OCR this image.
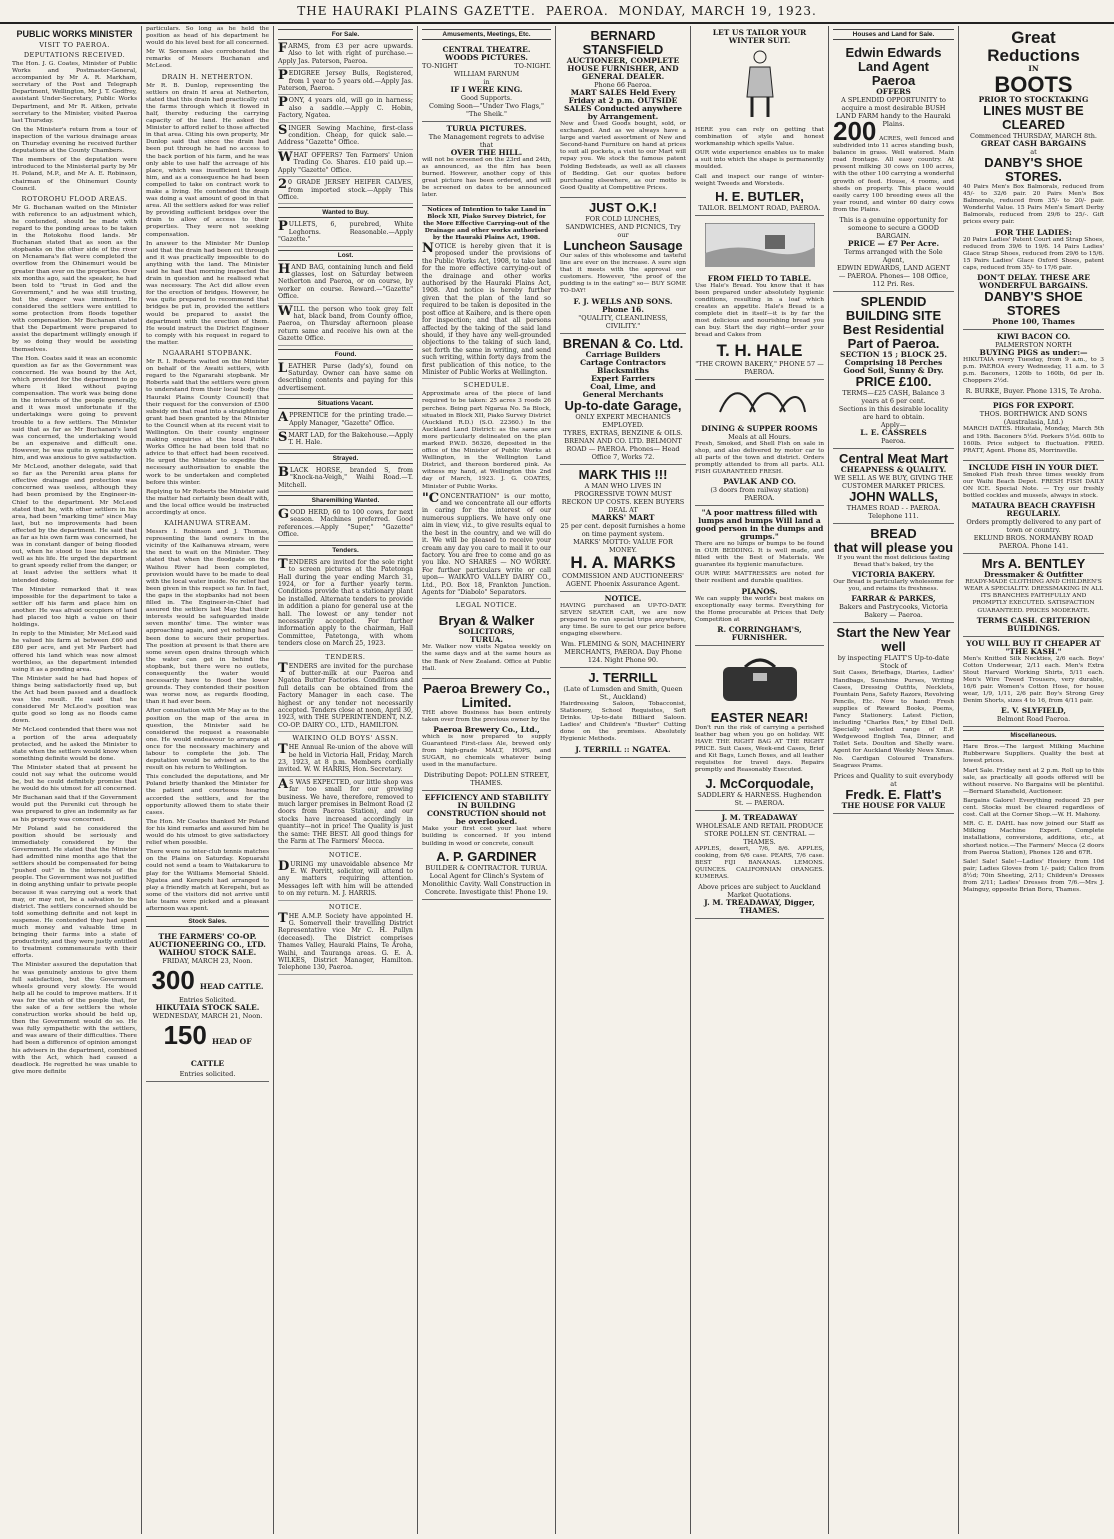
THE HAURAKI PLAINS GAZETTE. PAEROA. MONDAY, MARCH 19, 1923.
PUBLIC WORKS MINISTER
VISIT TO PAEROA.
DEPUTATIONS RECEIVED.

The Hon. J. G. Coates, Minister of Public Works and Postmaster-General, accompanied by Mr A. R. Markham, secretary of the Post and Telegraph Department, Wellington, Mr J. T. Godfrey, assistant Under-Secretary, Public Works Department, and Mr R. Aitken, private secretary to the Minister, visited Paeroa last Thursday.

On the Minister's return from a tour of inspection of the various drainage areas on Thursday evening he received further deputations at the County Chambers.

The members of the deputation were introduced to the Ministerial party by Mr H. Poland, M.P., and Mr A. E. Robinson, chairman of the Ohinemuri County Council.

ROTOROHU FLOOD AREAS.

Mr G. Buchanan waited on the Minister with reference to an adjustment which, he contended, should be made with regard to the ponding areas to be taken in the Rotokohu flood lands. Mr Buchanan stated that as soon as the stopbanks on the other side of the river on Mcnamara's flat were completed the overflow from the Ohinemuri would be greater than ever on the properties. Over six months ago, said the speaker, he had been told to "trust in God and the Government," and he was still trusting, but the danger was imminent. He considered the settlers were entitled to some protection from floods together with compensation. Mr Buchanan stated that the Department were prepared to assist the department willingly enough if by so doing they would be assisting themselves.

The Hon. Coates said it was an economic question as far as the Government was concerned. He was bound by the Act, which provided for the department to go where it liked without paying compensation. The work was being done in the interests of the people generally, and it was most unfortunate if the undertakings were going to prevent trouble to a few settlers. The Minister said that as far as Mr Buchanan's land was concerned, the undertaking would be an expensive and difficult one. However, he was quite in sympathy with him, and was anxious to give satisfaction.

Mr McLeod, another delegate, said that so far as the Pereniki area plans for effective drainage and protection was concerned was useless, although they had been promised by the Engineer-in-Chief to the department. Mr McLeod stated that he, with other settlers in his area, had been "marking time" since May last, but no improvements had been effected by the department. He said that as far as his own farm was concerned, he was in constant danger of being flooded out, when he stood to lose his stock as well as his life. He urged the department to grant speedy relief from the danger, or at least advise the settlers what it intended doing.

The Minister remarked that it was impossible for the department to take a settler off his farm and place him on another. He was afraid occupiers of land had placed too high a value on their holdings.

In reply to the Minister, Mr McLeod said he valued his farm at between £60 and £80 per acre, and yet Mr Parbert had offered his land which was now almost worthless, as the department intended using it as a ponding area.

The Minister said he had had hopes of things being satisfactorily fixed up, but the Act had been passed and a deadlock was the result. He said that he considered Mr McLeod's position was quite good so long as no floods came down.

Mr McLeod contended that there was not a portion of the area adequately protected, and he asked the Minister to state when the settlers would know when something definite would be done.

The Minister stated that at present he could not say what the outcome would be, but he could definitely promise that he would do his utmost for all concerned.

Mr Buchanan said that if the Government would put the Pereniki cut through he was prepared to give an indemnity as far as his property was concerned.

Mr Poland said he considered the position should be seriously and immediately considered by the Government. He stated that the Minister had admitted nine months ago that the settlers should be compensated for being "pushed out" in the interests of the people. The Government was not justified in doing anything unfair to private people because it was carrying out a work that may, or may not, be a salvation to the district. The settlers concerned should be told something definite and not kept in suspense. He contended they had spent much money and valuable time in bringing their farms into a state of productivity, and they were justly entitled to treatment commensurate with their efforts.

The Minister assured the deputation that he was genuinely anxious to give them full satisfaction, but the Government wheels ground very slowly. He would help all he could to improve matters. If it was for the wish of the people that, for the sake of a few settlers the whole construction works should be held up, then the Government would do so. He was fully sympathetic with the settlers, and was aware of their difficulties. There had been a difference of opinion amongst his advisers in the department, combined with the Act, which had caused a deadlock. He regretted he was unable to give more definite

particulars. So long as he held the position as head of his department he would do his level best for all concerned.

Mr W. Sorensen also corroborated the remarks of Messrs Buchanan and McLeod.

DRAIN H. NETHERTON.

Mr R. B. Dunlop, representing the settlers on drain H area at Netherton, stated that this drain had practically cut the farms through which it flowed in half, thereby reducing the carrying capacity of the land. He asked the Minister to afford relief to those affected in that area. Citing his own property, Mr Dunlop said that since the drain had been put through he had no access to the back portion of his farm, and he was only able to use half the acreage of his place, which was insufficient to keep him, and as a consequence he had been compelled to take on contract work to make a living. He contended the drain was doing a vast amount of good in that area. All the settlers asked for was relief by providing sufficient bridges over the drain to allow of access to their properties. They were not seeking compensation.

In answer to the Minister Mr Dunlop said that the drain had been cut through and it was practically impossible to do anything with the land. The Minister said he had that morning inspected the drain in question and he realised what was necessary. The Act did allow even for the erection of bridges. However, he was quite prepared to recommend that bridges be put in, provided the settlers would be prepared to assist the department with the erection of them. He would instruct the District Engineer to comply with his request in regard to the matter.

NGAARAHI STOPBANK.

Mr R. I. Roberts waited on the Minister on behalf of the Awaiti settlers, with regard to the Ngararahi stopbank. Mr Roberts said that the settlers were given to understand from their local body (the Hauraki Plains County Council) that their request for the conversion of £500 subsidy on that road into a straightening grant had been granted by the Minister to the Council when at its recent visit to Wellington. On their county engineer making enquiries at the local Public Works Office he had been told that no advice to that effect had been received. He urged the Minister to expedite the necessary authorisation to enable the work to be undertaken and completed before this winter.

Replying to Mr Roberts the Minister said the matter had certainly been dealt with, and the local office would be instructed accordingly at once.

KAIHANUWA STREAM.

Messrs I. Robinson and J. Thomas, representing the land owners in the vicinity of the Kaihanuwa stream, were the next to wait on the Minister. They stated that when the floodgate on the Waihou River had been completed, provision would have to be made to deal with the local water inside. No relief had been given in this respect so far. In fact, the gaps in the stopbanks had not been filled in. The Engineer-in-Chief had assured the settlers last May that their interests would be safeguarded inside seven months' time. The winter was approaching again, and yet nothing had been done to secure their properties. The position at present is that there are some seven open drains through which the water can get in behind the stopbank, but there were no outlets, consequently the water would necessarily have to flood the lower grounds. They contended their position was worse now, as regards flooding, than it had ever been.

After consultation with Mr May as to the position on the map of the area in question, the Minister said he considered the request a reasonable one. He would endeavour to arrange at once for the necessary machinery and labour to complete the job. The deputation would be advised as to the result on his return to Wellington.

This concluded the deputations, and Mr Poland briefly thanked the Minister for the patient and courteous hearing accorded the settlers, and for the opportunity allowed them to state their cases.

The Hon. Mr Coates thanked Mr Poland for his kind remarks and assured him he would do his utmost to give satisfactory relief when possible.

There were no inter-club tennis matches on the Plains on Saturday. Kopuarahi could not send a team to Waitakaruru to play for the Williams Memorial Shield. Ngatea and Kerepehi had arranged to play a friendly match at Kerepehi, but as some of the visitors did not arrive until late teams were picked and a pleasant afternoon was spent.

Stock Sales.
THE FARMERS' CO-OP. AUCTIONEERING CO., LTD.
WAIHOU STOCK SALE.
FRIDAY, MARCH 23, Noon.
300 HEAD CATTLE.
Entries Solicited.
HIKUTAIA STOCK SALE.
WEDNESDAY, MARCH 21, Noon.
150 HEAD OF CATTLE
Entries solicited.
For Sale.

FARMS, from £3 per acre upwards. Also to let with right of purchase.—Apply Jas. Paterson, Paeroa.

PEDIGREE Jersey Bulls, Registered, from 1 year to 5 years old.—Apply Jas. Paterson, Paeroa.

PONY, 4 years old, will go in harness; also a saddle.—Apply C. Hobin, Factory, Ngatea.

SINGER Sewing Machine, first-class condition. Cheap, for quick sale.—Address "Gazette" Office.

WHAT OFFERS? Ten Farmers' Union Trading Co. Shares. £10 paid up.—Apply "Gazette" Office.

20 GRADE JERSEY HEIFER CALVES, from imported stock.—Apply This Office.

Wanted to Buy.

PULLETS, 6, purebred, White Leghorns. Reasonable.—Apply "Gazette."

Lost.

HAND BAG, containing lunch and field glasses, lost on Saturday between Netherton and Paeroa, or on course, by worker on course. Reward.—"Gazette" Office.

WILL the person who took grey felt hat, black band, from County office, Paeroa, on Thursday afternoon please return same and receive his own at the Gazette Office.

Found.

LEATHER Purse (lady's), found on Saturday. Owner can have same on describing contents and paying for this advertisement.

Situations Vacant.

APPRENTICE for the printing trade.—Apply Manager, "Gazette" Office.

SMART LAD, for the Bakehouse.—Apply T. H. Hale.

Strayed.

BLACK HORSE, branded S, from "Knock-na-Veigh," Waihi Road.—T. Mitchell.

Sharemilking Wanted.

GOOD HERD, 60 to 100 cows, for next season. Machines preferred. Good references.—Apply "Super," "Gazette" Office.

Tenders.

TENDERS are invited for the sole right to screen pictures at the Patetonga Hall during the year ending March 31, 1924, or for a further yearly term. Conditions provide that a stationary plant be installed. Alternate tenders to provide in addition a piano for general use at the hall. The lowest or any tender not necessarily accepted. For further information apply to the chairman, Hall Committee, Patetonga, with whom tenders close on March 25, 1923.

TENDERS.

TENDERS are invited for the purchase of butter-milk at our Paeroa and Ngatea Butter Factories. Conditions and full details can be obtained from the Factory Manager in each case. The highest or any tender not necessarily accepted. Tenders close at noon, April 30, 1923, with THE SUPERINTENDENT, N.Z. CO-OP. DAIRY CO., LTD., HAMILTON.

WAIKINO OLD BOYS' ASSN.

THE Annual Re-union of the above will be held in Victoria Hall, Friday, March 23, 1923, at 8 p.m. Members cordially invited. W. W. HARRIS, Hon. Secretary.

AS WAS EXPECTED, our little shop was far too small for our growing business. We have, therefore, removed to much larger premises in Belmont Road (2 doors from Paeroa Station), and our stocks have increased accordingly in quantity—not in price! The Quality is just the same: THE BEST. All good things for the Farm at The Farmers' Mecca.

NOTICE.

DURING my unavoidable absence Mr E. W. Porritt, solicitor, will attend to any matters requiring attention. Messages left with him will be attended to on my return. M. J. HARRIS.

NOTICE.

THE A.M.P. Society have appointed H. G. Somervell their travelling District Representative vice Mr C. H. Pullyn (deceased). The District comprises Thames Valley, Hauraki Plains, Te Aroha, Waihi, and Tauranga areas. G. E. A. WILKES, District Manager, Hamilton. Telephone 130, Paeroa.

Amusements, Meetings, Etc.
CENTRAL THEATRE.
WOODS PICTURES.
TO-NIGHT	TO-NIGHT.
WILLIAM FARNUM
in
IF I WERE KING.
Good Supports.
Coming Soon—"Under Two Flags," "The Sheik."
TURUA PICTURES.
The Management regrets to advise that
OVER THE HILL.

will not be screened on the 23rd and 24th, as announced, as the film has been burned. However, another copy of this great picture has been ordered, and will be screened on dates to be announced later.

Notices of Intention to take Land in Block XII, Piako Survey District, for the More Effective Carrying-out of the Drainage and other works authorised by the Hauraki Plains Act, 1908.

NOTICE is hereby given that it is proposed under the provisions of the Public Works Act, 1908, to take land for the more effective carrying-out of the drainage and other works authorised by the Hauraki Plains Act, 1908. And notice is hereby further given that the plan of the land so required to be taken is deposited in the post office at Kaihere, and is there open for inspection; and that all persons affected by the taking of the said land should, if they have any well-grounded objections to the taking of such land, set forth the same in writing, and send such writing, within forty days from the first publication of this notice, to the Minister of Public Works at Wellington.

SCHEDULE.

Approximate area of the piece of land required to be taken: 25 acres 3 roods 26 perches. Being part Ngarua No. 5a Block, situated in Block XII, Piako Survey District (Auckland R.D.) (S.O. 22360.) In the Auckland Land District: as the same are more particularly delineated on the plan marked P.W.D. 56326, deposited in the office of the Minister of Public Works at Wellington, in the Wellington Land District, and thereon bordered pink. As witness my hand, at Wellington this 2nd day of March, 1923. J. G. COATES, Minister of Public Works.

"CONCENTRATION" is our motto, and we concentrate all our efforts in caring for the interest of our numerous suppliers. We have only one aim in view, viz., to give results equal to the best in the country, and we will do it. We will be pleased to receive your cream any day you care to mail it to our factory. You are free to come and go as you like. NO SHARES — NO WORRY. For further particulars write or call upon— WAIKATO VALLEY DAIRY CO., Ltd., P.O. Box 18, Frankton Junction. Agents for "Diabolo" Separators.

LEGAL NOTICE.
Bryan & Walker
SOLICITORS,
TURUA.

Mr. Walker now visits Ngatea weekly on the same days and at the same hours as the Bank of New Zealand. Office at Public Hall.

Paeroa Brewery Co., Limited.

THE above Business has been entirely taken over from the previous owner by the

Paeroa Brewery Co., Ltd.,

which is now prepared to supply Guaranteed First-class Ale, brewed only from high-grade MALT, HOPS, and SUGAR, no chemicals whatever being used in the manufacture.

Distributing Depot: POLLEN STREET, THAMES.
EFFICIENCY AND STABILITY IN BUILDING CONSTRUCTION should not be overlooked.

Make your first cost your last where building is concerned. If you intend building in wood or concrete, consult

A. P. GARDINER
BUILDER & CONTRACTOR. TURUA.
Local Agent for Clinch's System of Monolithic Cavity. Wall Construction in Concrete. Investigate this! Phone 19.
BERNARD STANSFIELD
AUCTIONEER, COMPLETE HOUSE FURNISHER, AND GENERAL DEALER.
Phone 66 Paeroa.
MART SALES Held Every Friday at 2 p.m. OUTSIDE SALES Conducted anywhere by Arrangement.

New and Used Goods bought, sold, or exchanged. And as we always have a large and varied assortment of New and Second-hand Furniture on hand at prices to suit all pockets, a visit to our Mart will repay you. We stock the famous patent Folding Bedsteads, as well as all classes of Bedding. Get our quotes before purchasing elsewhere, as our motto is Good Quality at Competitive Prices.

JUST O.K.!
FOR COLD LUNCHES, SANDWICHES, AND PICNICS, Try our
Luncheon Sausage

Our sales of this wholesome and tasteful line are ever on the increase. A sure sign that it meets with the approval our customers. However, "the proof of the pudding is in the eating" so— BUY SOME TO-DAY!

F. J. WELLS AND SONS. Phone 16.
"QUALITY, CLEANLINESS, CIVILITY."
BRENAN & Co. Ltd.
Carriage Builders
Cartage Contractors
Blacksmiths
Expert Farriers
Coal, Lime, and
General Merchants
Up-to-date Garage,
ONLY EXPERT MECHANICS EMPLOYED.
TYRES, EXTRAS, BENZINE & OILS.
BRENAN AND CO. LTD. BELMONT ROAD — PAEROA. Phones— Head Office 7, Works 72.
MARK THIS !!!
A MAN WHO LIVES IN PROGRESSIVE TOWN MUST RECKON UP COSTS. KEEN BUYERS DEAL AT
MARKS' MART
25 per cent. deposit furnishes a home on time payment system.
MARKS' MOTTO: VALUE FOR MONEY.
H. A. MARKS
COMMISSION AND AUCTIONEERS' AGENT. Phoenix Assurance Agent.
NOTICE.

HAVING purchased an UP-TO-DATE SEVEN SEATER CAR, we are now prepared to run special trips anywhere, any time. Be sure to get our price before engaging elsewhere.

Wm. FLEMING & SON, MACHINERY MERCHANTS, PAEROA. Day Phone 124. Night Phone 90.
J. TERRILL
(Late of Lumsden and Smith, Queen St., Auckland)

Hairdressing Saloon, Tobacconist, Stationery, School Requisites, Soft Drinks. Up-to-date Billiard Saloon. Ladies' and Children's "Buster" Cutting done on the premises. Absolutely Hygienic Methods.

J. TERRILL :: NGATEA.
LET US TAILOR YOUR WINTER SUIT.

HERE you can rely on getting that combination of style and honest workmanship which spells Value.

OUR wide experience enables us to make a suit into which the shape is permanently moulded.

Call and inspect our range of winter-weight Tweeds and Worsteds.

H. E. BUTLER,
TAILOR. BELMONT ROAD, PAEROA.
FROM FIELD TO TABLE.

Use Hale's Bread. You know that it has been prepared under absolutely hygienic conditions, resulting in a loaf which creates an appetite. Hale's Bread is a complete diet in itself—it is by far the most delicious and nourishing bread you can buy. Start the day right—order your bread and Cakes from

T. H. HALE
"THE CROWN BAKERY," PHONE 57 — PAEROA.
DINING & SUPPER ROOMS
Meals at all Hours.

Fresh, Smoked, and Shell Fish on sale in shop, and also delivered by motor car to all parts of the town and district. Orders promptly attended to from all parts. ALL FISH GUARANTEED FRESH.

PAVLAK AND CO.
(3 doors from railway station) PAEROA.
"A poor mattress filled with lumps and bumps Will land a good person in the dumps and grumps."

There are no lumps or bumps to be found in OUR BEDDING. It is well made, and filled with the Best of Materials. We guarantee its hygienic manufacture.

OUR WIRE MATTRESSES are noted for their resilient and durable qualities.

PIANOS.

We can supply the world's best makes on exceptionally easy terms. Everything for the Home procurable at Prices that Defy Competition at

R. CORRINGHAM'S, FURNISHER.
EASTER NEAR!

Don't run the risk of carrying a perished leather bag when you go on holiday. WE HAVE THE RIGHT BAG AT THE RIGHT PRICE. Suit Cases, Week-end Cases, Brief and Kit Bags, Lunch Boxes, and all leather requisites for travel days. Repairs promptly and Reasonably Executed.

J. McCorquodale,
SADDLERY & HARNESS. Hughendon St. — PAEROA.
J. M. TREADAWAY
WHOLESALE AND RETAIL PRODUCE STORE POLLEN ST. CENTRAL — THAMES.

APPLES, desert, 7/6, 8/6. APPLES, cooking, from 6/6 case. PEARS, 7/6 case. BEST FIJI BANANAS. LEMONS. QUINCES. CALIFORNIAN ORANGES. KUMERAS.

Above prices are subject to Auckland Market Quotations.
J. M. TREADAWAY, Digger, THAMES.
Houses and Land for Sale.
Edwin Edwards
Land Agent
Paeroa
OFFERS
A SPLENDID OPPORTUNITY to acquire a most desirable BUSH LAND FARM handy to the Hauraki Plains.

200 ACRES, well fenced and subdivided into 11 acres standing bush, balance in grass. Well watered. Main road frontage. All easy country. At present milking 30 cows on 100 acres, with the other 100 carrying a wonderful growth of feed. House, 4 rooms, and sheds on property. This place would easily carry 100 breeding ewes all the year round, and winter 60 dairy cows from the Plains.

This is a genuine opportunity for someone to secure a GOOD BARGAIN.
PRICE — £7 Per Acre.
Terms arranged with the Sole Agent,
EDWIN EDWARDS, LAND AGENT — PAEROA. Phones— 108 Office, 112 Pri. Res.
SPLENDID BUILDING SITE
Best Residential Part of Paeroa.
SECTION 15 ; BLOCK 25.
Comprising 18 Perches
Good Soil, Sunny & Dry.
PRICE £100.
TERMS—£25 CASH, Balance 3 years at 6 per cent.
Sections in this desirable locality are hard to obtain.
Apply—
L. E. CASSRELS
Paeroa.
Central Meat Mart
CHEAPNESS & QUALITY.
WE SELL AS WE BUY, GIVING THE CUSTOMER MARKET PRICES.
JOHN WALLS,
THAMES ROAD - - PAEROA. Telephone 111.
BREAD
that will please you

If you want the most delicious tasting Bread that's baked, try the

VICTORIA BAKERY.

Our Bread is particularly wholesome for you, and retains its freshness.

FARRAR & PARKES,
Bakers and Pastrycooks, Victoria Bakery — Paeroa.
Start the New Year well
by inspecting FLATT'S Up-to-date Stock of

Suit Cases, Briefbags, Diaries, Ladies' Handbags, Sunshine Purses, Writing Cases, Dressing Outfits, Necklets, Fountain Pens, Safety Razors, Revolving Pencils, Etc. Now to hand: Fresh supplies of Reward Books, Poems, Fancy Stationery. Latest Fiction, including "Charles Rex," by Ethel Dell. Specially selected range of E.P. Wedgewood English Tea, Dinner, and Toilet Sets. Doulton and Shelly ware. Agent for Auckland Weekly News Xmas. No. Cardigan Coloured Transfers. Seagrass Prams.

Prices and Quality to suit everybody at
Fredk. E. Flatt's
THE HOUSE FOR VALUE
Great Reductions
IN
BOOTS
PRIOR TO STOCKTAKING
LINES MUST BE CLEARED
Commenced THURSDAY, MARCH 8th.
GREAT CASH BARGAINS
at
DANBY'S SHOE STORES.

40 Pairs Men's Box Balmorals, reduced from 45/- to 32/6 pair. 20 Pairs Men's Box Balmorals, reduced from 35/- to 20/- pair. Wonderful Value. 15 Pairs Men's Smart Derby Balmorals, reduced from 29/6 to 25/-. Gift prices every pair.

FOR THE LADIES:

20 Pairs Ladies' Patent Court and Strap Shoes, reduced from 39/6 to 19/6. 14 Pairs Ladies' Glace Strap Shoes, reduced from 29/6 to 15/6. 15 Pairs Ladies' Glace Oxford Shoes, patent caps, reduced from 35/- to 17/6 pair.

DON'T DELAY. THESE ARE WONDERFUL BARGAINS.
DANBY'S SHOE STORES
Phone 100, Thames
KIWI BACON CO.
PALMERSTON NORTH
BUYING PIGS as under:—

HIKUTAIA every Tuesday, from 9 a.m., to 3 p.m. PAEROA every Wednesday, 11 a.m. to 3 p.m. Baconers, 120lb to 160lb, 6d per lb. Choppers 2½d.

R. BURKE, Buyer. Phone 131S, Te Aroha.
PIGS FOR EXPORT.
THOS. BORTHWICK AND SONS (Australasia, Ltd.)

MARCH DATES. Hikutaia, Monday, March 5th and 19th. Baconers 5½d. Porkers 5½d. 60lb to 160lb. Price subject to fluctuation. FRED. PRATT, Agent. Phone 8S, Morrinsville.

INCLUDE FISH IN YOUR DIET.

Smoked Fish fresh three times weekly from our Waihi Beach Depot. FRESH FISH DAILY ON ICE. Special Note. — Try our freshly bottled cockles and mussels, always in stock.

MATAURA BEACH CRAYFISH REGULARLY.
Orders promptly delivered to any part of town or country.
EKLUND BROS. NORMANBY ROAD PAEROA. Phone 141.
Mrs A. BENTLEY
Dressmaker & Outfitter

READY-MADE CLOTHING AND CHILDREN'S WEAR A SPECIALITY. DRESSMAKING IN ALL ITS BRANCHES FAITHFULLY AND PROMPTLY EXECUTED. SATISFACTION GUARANTEED. PRICES MODERATE.

TERMS CASH. CRITERION BUILDINGS.
YOU WILL BUY IT CHEAPER AT "THE KASH."

Men's Knitted Silk Neckties, 2/6 each. Boys' Cotton Underwear, 2/11 each. Men's Extra Stout Harvard Working Shirts, 5/11 each. Men's Wire Tweed Trousers, very durable, 16/6 pair. Women's Cotton Hose, for house wear, 1/9, 1/11, 2/6 pair. Boy's Strong Grey Denim Shorts, sizes 4 to 16, from 4/11 pair.

E. V. SLYFIELD,
Belmont Road Paeroa.
Miscellaneous.

Hare Bros.—The largest Milking Machine Rubberware Suppliers. Quality the best at lowest prices.

Mart Sale. Friday next at 2 p.m. Roll up to this sale, as practically all goods offered will be without reserve. No Bargains will be plentiful.—Bernard Stansfield, Auctioneer.

Bargains Galore! Everything reduced 25 per cent. Stocks must be cleared regardless of cost. Call at the Corner Shop.—W. H. Mahony.

MR. C. E. DAHL has now joined our Staff as Milking Machine Expert. Complete installations, conversions, additions, etc., at shortest notice.—The Farmers' Mecca (2 doors from Paeroa Station), Phones 126 and 67R.

Sale! Sale! Sale!—Ladies' Hosiery from 10d pair; Ladies Gloves from 1/- paid; Calico from 8½d; 70in Sheeting, 2/11; Children's Dresses from 2/11; Ladies' Dresses from 7/6.—Mrs J. Mainguy, opposite Brian Boru, Thames.
